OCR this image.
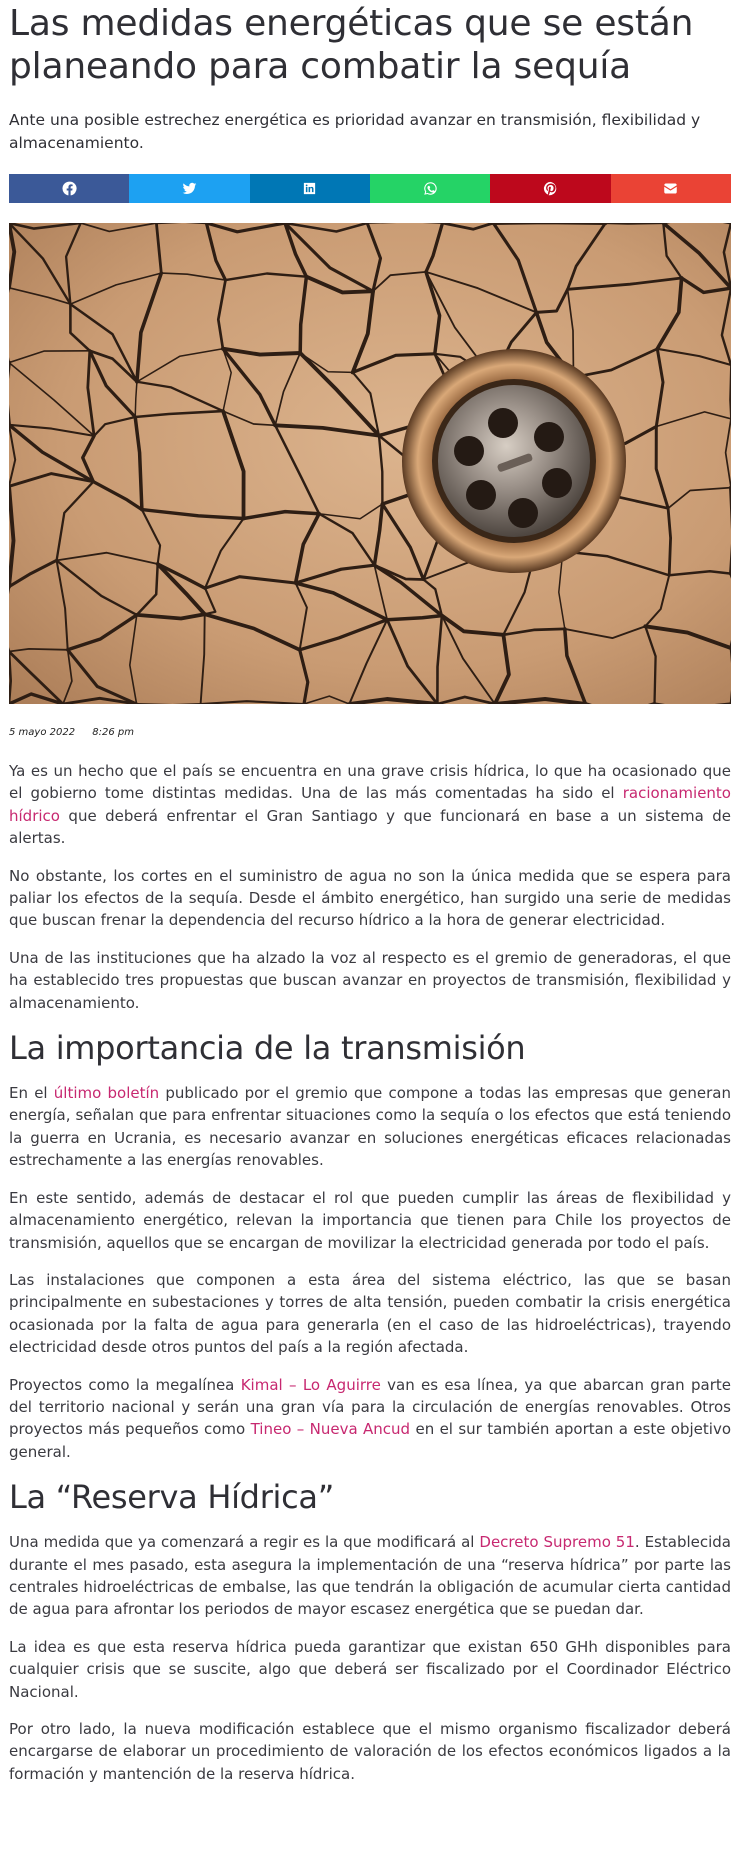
Las medidas energéticas que se están planeando para combatir la sequía
Ante una posible estrechez energética es prioridad avanzar en transmisión, flexibilidad y almacenamiento.
5 mayo 2022 8:26 pm

Ya es un hecho que el país se encuentra en una grave crisis hídrica, lo que ha ocasionado que el gobierno tome distintas medidas. Una de las más comentadas ha sido el racionamiento hídrico que deberá enfrentar el Gran Santiago y que funcionará en base a un sistema de alertas.

No obstante, los cortes en el suministro de agua no son la única medida que se espera para paliar los efectos de la sequía. Desde el ámbito energético, han surgido una serie de medidas que buscan frenar la dependencia del recurso hídrico a la hora de generar electricidad.

Una de las instituciones que ha alzado la voz al respecto es el gremio de generadoras, el que ha establecido tres propuestas que buscan avanzar en proyectos de transmisión, flexibilidad y almacenamiento.

La importancia de la transmisión

En el último boletín publicado por el gremio que compone a todas las empresas que generan energía, señalan que para enfrentar situaciones como la sequía o los efectos que está teniendo la guerra en Ucrania, es necesario avanzar en soluciones energéticas eficaces relacionadas estrechamente a las energías renovables.

En este sentido, además de destacar el rol que pueden cumplir las áreas de flexibilidad y almacenamiento energético, relevan la importancia que tienen para Chile los proyectos de transmisión, aquellos que se encargan de movilizar la electricidad generada por todo el país.

Las instalaciones que componen a esta área del sistema eléctrico, las que se basan principalmente en subestaciones y torres de alta tensión, pueden combatir la crisis energética ocasionada por la falta de agua para generarla (en el caso de las hidroeléctricas), trayendo electricidad desde otros puntos del país a la región afectada.

Proyectos como la megalínea Kimal – Lo Aguirre van es esa línea, ya que abarcan gran parte del territorio nacional y serán una gran vía para la circulación de energías renovables. Otros proyectos más pequeños como Tineo – Nueva Ancud en el sur también aportan a este objetivo general.

La “Reserva Hídrica”

Una medida que ya comenzará a regir es la que modificará al Decreto Supremo 51. Establecida durante el mes pasado, esta asegura la implementación de una “reserva hídrica” por parte las centrales hidroeléctricas de embalse, las que tendrán la obligación de acumular cierta cantidad de agua para afrontar los periodos de mayor escasez energética que se puedan dar.

La idea es que esta reserva hídrica pueda garantizar que existan 650 GHh disponibles para cualquier crisis que se suscite, algo que deberá ser fiscalizado por el Coordinador Eléctrico Nacional.

Por otro lado, la nueva modificación establece que el mismo organismo fiscalizador deberá encargarse de elaborar un procedimiento de valoración de los efectos económicos ligados a la formación y mantención de la reserva hídrica.
